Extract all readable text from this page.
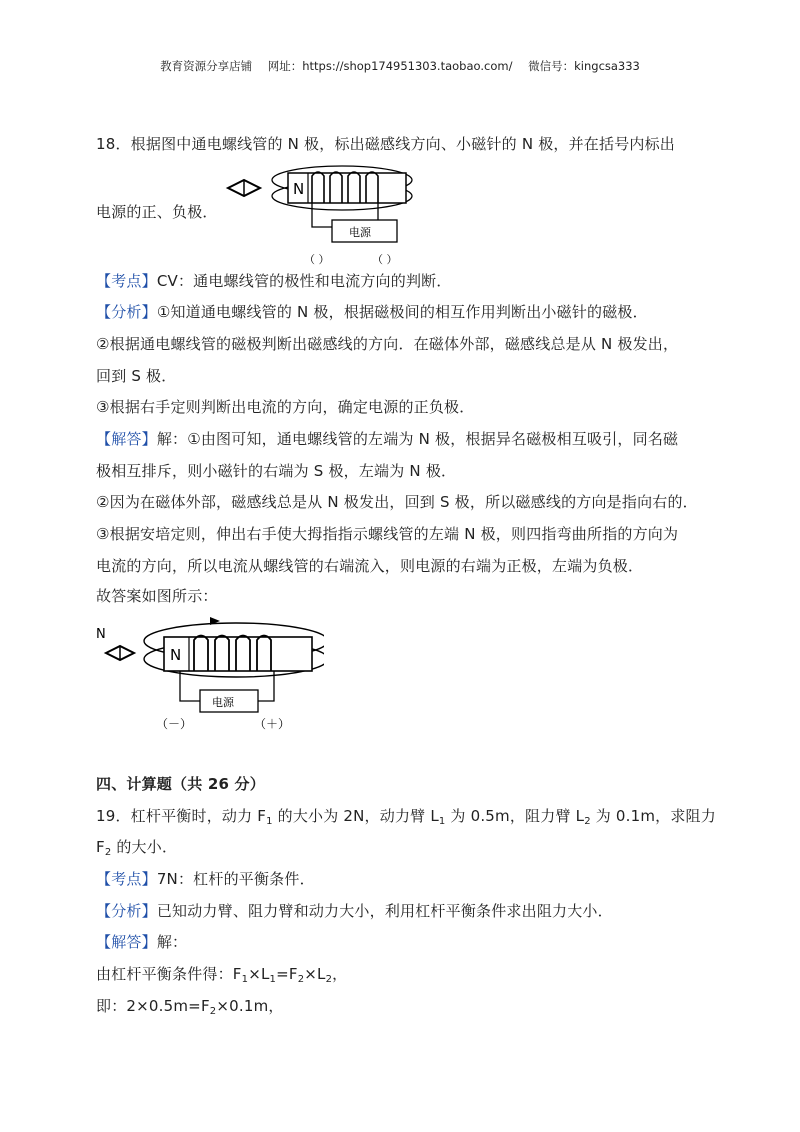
教育资源分享店铺 网址：https://shop174951303.taobao.com/ 微信号：kingcsa333
18．根据图中通电螺线管的 N 极，标出磁感线方向、小磁针的 N 极，并在括号内标出
电源的正、负极．
N
电源
（ ）	（ ）
【考点】CV：通电螺线管的极性和电流方向的判断．
【分析】①知道通电螺线管的 N 极，根据磁极间的相互作用判断出小磁针的磁极．
②根据通电螺线管的磁极判断出磁感线的方向．在磁体外部，磁感线总是从 N 极发出，
回到 S 极．
③根据右手定则判断出电流的方向，确定电源的正负极．
【解答】解：①由图可知，通电螺线管的左端为 N 极，根据异名磁极相互吸引，同名磁
极相互排斥，则小磁针的右端为 S 极，左端为 N 极．
②因为在磁体外部，磁感线总是从 N 极发出，回到 S 极，所以磁感线的方向是指向右的．
③根据安培定则，伸出右手使大拇指指示螺线管的左端 N 极，则四指弯曲所指的方向为
电流的方向，所以电流从螺线管的右端流入，则电源的右端为正极，左端为负极．
故答案如图所示：
N
N
电源
（－）	（＋）
四、计算题（共 26 分）
19．杠杆平衡时，动力 $F_1$ 的大小为 2N，动力臂 $L_1$ 为 0.5m，阻力臂 $L_2$ 为 0.1m，求阻力
$F_2$ 的大小．
【考点】7N：杠杆的平衡条件．
【分析】已知动力臂、阻力臂和动力大小，利用杠杆平衡条件求出阻力大小．
【解答】解：
由杠杆平衡条件得：$F_1\times L_1=F_2\times L_2$，
即：$2\times 0.5m=F_2\times 0.1m$，
